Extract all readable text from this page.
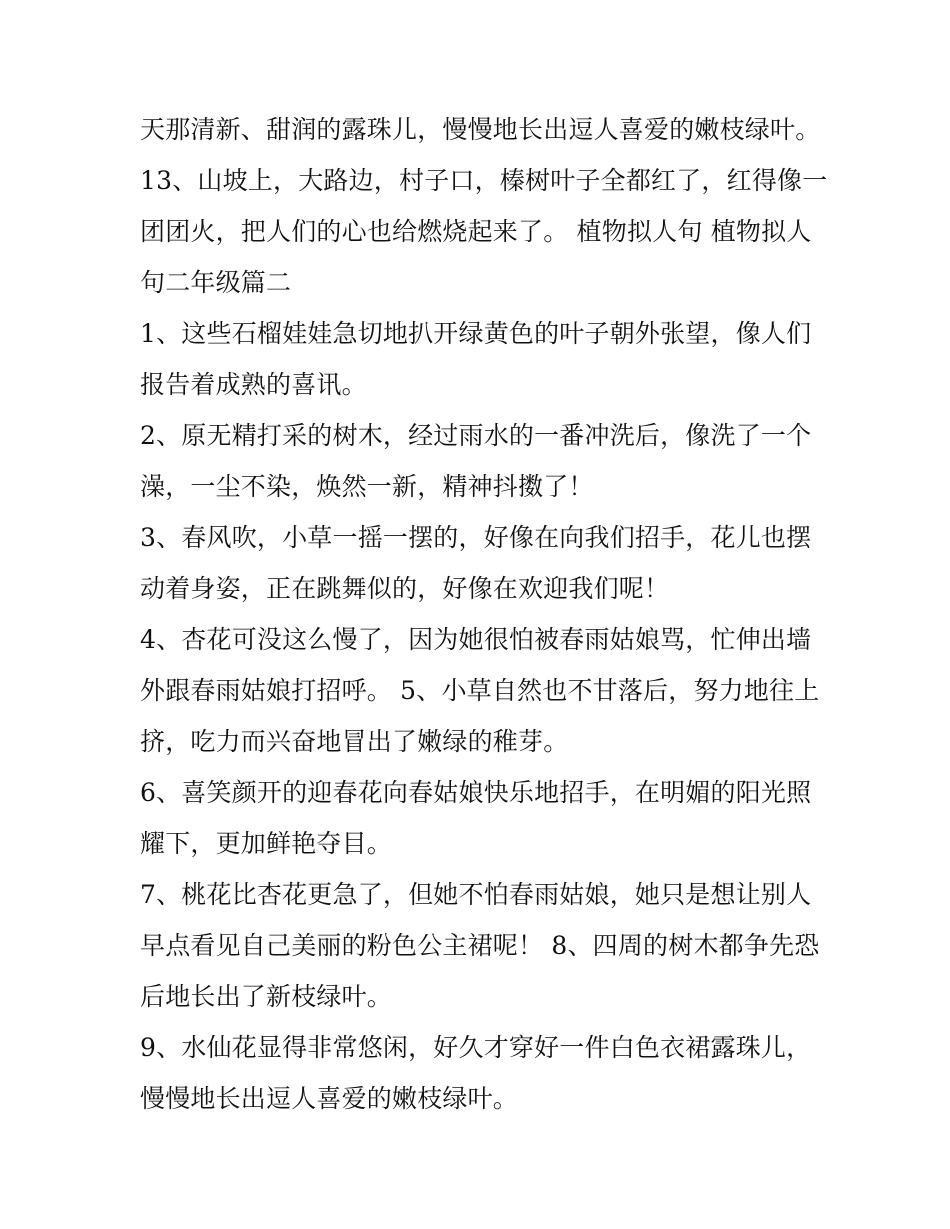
天那清新、甜润的露珠儿，慢慢地长出逗人喜爱的嫩枝绿叶。
13、山坡上，大路边，村子口，榛树叶子全都红了，红得像一
团团火，把人们的心也给燃烧起来了。 植物拟人句 植物拟人
句二年级篇二
1、这些石榴娃娃急切地扒开绿黄色的叶子朝外张望，像人们
报告着成熟的喜讯。
2、原无精打采的树木，经过雨水的一番冲洗后，像洗了一个
澡，一尘不染，焕然一新，精神抖擞了！
3、春风吹，小草一摇一摆的，好像在向我们招手，花儿也摆
动着身姿，正在跳舞似的，好像在欢迎我们呢！
4、杏花可没这么慢了，因为她很怕被春雨姑娘骂，忙伸出墙
外跟春雨姑娘打招呼。 5、小草自然也不甘落后，努力地往上
挤，吃力而兴奋地冒出了嫩绿的稚芽。
6、喜笑颜开的迎春花向春姑娘快乐地招手，在明媚的阳光照
耀下，更加鲜艳夺目。
7、桃花比杏花更急了，但她不怕春雨姑娘，她只是想让别人
早点看见自己美丽的粉色公主裙呢！ 8、四周的树木都争先恐
后地长出了新枝绿叶。
9、水仙花显得非常悠闲，好久才穿好一件白色衣裙露珠儿，
慢慢地长出逗人喜爱的嫩枝绿叶。
